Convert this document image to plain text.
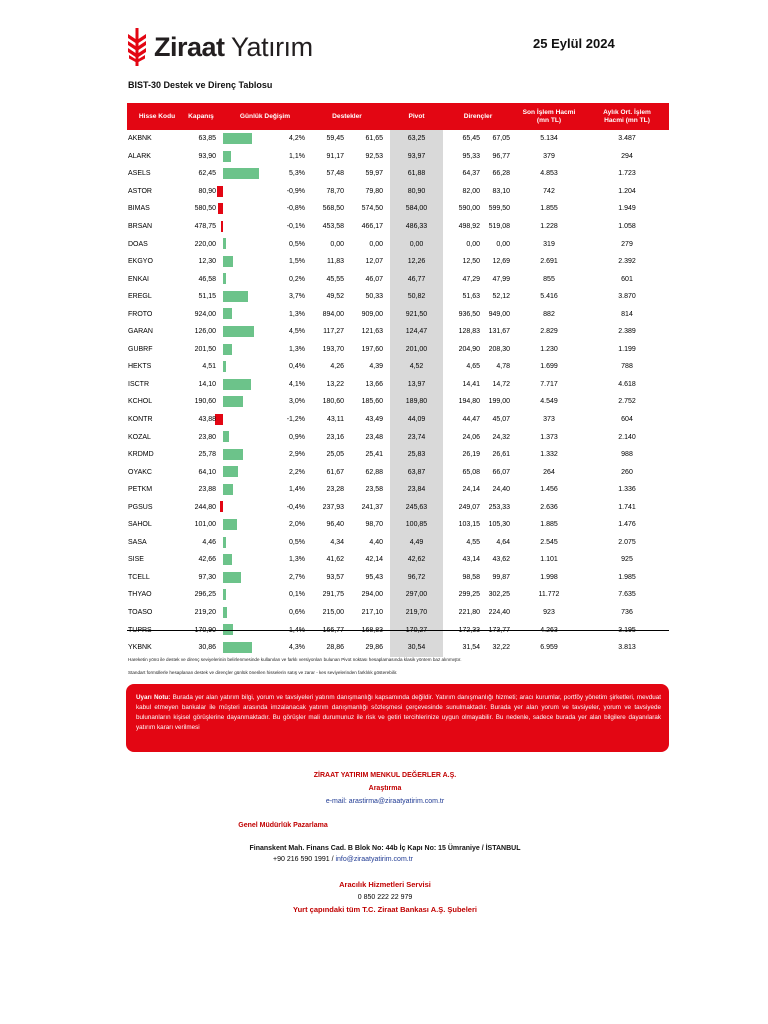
Ziraat Yatırım	25 Eylül 2024
BIST-30 Destek ve Direnç Tablosu
Hisse Kodu	Kapanış	Günlük Değişim	Destekler	Pivot	Dirençler
Son İşlem Hacmi
(mn TL)
Aylık Ort. İşlem
Hacmi (mn TL)
AKBNK	63,85	4,2%	59,45	61,65	63,25	65,45	67,05	5.134	3.487
ALARK	93,90	1,1%	91,17	92,53	93,97	95,33	96,77	379	294
ASELS	62,45	5,3%	57,48	59,97	61,88	64,37	66,28	4.853	1.723
ASTOR	80,90	-0,9%	78,70	79,80	80,90	82,00	83,10	742	1.204
BIMAS	580,50	-0,8%	568,50	574,50	584,00	590,00	599,50	1.855	1.949
BRSAN	478,75	-0,1%	453,58	466,17	486,33	498,92	519,08	1.228	1.058
DOAS	220,00	0,5%	0,00	0,00	0,00	0,00	0,00	319	279
EKGYO	12,30	1,5%	11,83	12,07	12,26	12,50	12,69	2.691	2.392
ENKAI	46,58	0,2%	45,55	46,07	46,77	47,29	47,99	855	601
EREGL	51,15	3,7%	49,52	50,33	50,82	51,63	52,12	5.416	3.870
FROTO	924,00	1,3%	894,00	909,00	921,50	936,50	949,00	882	814
GARAN	126,00	4,5%	117,27	121,63	124,47	128,83	131,67	2.829	2.389
GUBRF	201,50	1,3%	193,70	197,60	201,00	204,90	208,30	1.230	1.199
HEKTS	4,51	0,4%	4,26	4,39	4,52	4,65	4,78	1.699	788
ISCTR	14,10	4,1%	13,22	13,66	13,97	14,41	14,72	7.717	4.618
KCHOL	190,60	3,0%	180,60	185,60	189,80	194,80	199,00	4.549	2.752
KONTR	43,88	-1,2%	43,11	43,49	44,09	44,47	45,07	373	604
KOZAL	23,80	0,9%	23,16	23,48	23,74	24,06	24,32	1.373	2.140
KRDMD	25,78	2,9%	25,05	25,41	25,83	26,19	26,61	1.332	988
OYAKC	64,10	2,2%	61,67	62,88	63,87	65,08	66,07	264	260
PETKM	23,88	1,4%	23,28	23,58	23,84	24,14	24,40	1.456	1.336
PGSUS	244,80	-0,4%	237,93	241,37	245,63	249,07	253,33	2.636	1.741
SAHOL	101,00	2,0%	96,40	98,70	100,85	103,15	105,30	1.885	1.476
SASA	4,46	0,5%	4,34	4,40	4,49	4,55	4,64	2.545	2.075
SISE	42,66	1,3%	41,62	42,14	42,62	43,14	43,62	1.101	925
TCELL	97,30	2,7%	93,57	95,43	96,72	98,58	99,87	1.998	1.985
THYAO	296,25	0,1%	291,75	294,00	297,00	299,25	302,25	11.772	7.635
TOASO	219,20	0,6%	215,00	217,10	219,70	221,80	224,40	923	736
TUPRS	170,90	1,4%	166,77	168,83	170,27	172,33	173,77	4.263	3.195
YKBNK	30,86	4,3%	28,86	29,86	30,54	31,54	32,22	6.959	3.813
Hareketin yönü ile destek ve direnç seviyelerinin belirlenmesinde kullanılan ve farklı versiyonları bulunan Pivot noktası hesaplamasında klasik yöntem baz alınmıştır.
Standart formüllerle hesaplanan destek ve dirençler günlük önerilen hisselerin satış ve zarar - kes seviyelerinden farklılık gösterebilir.
Uyarı Notu: Burada yer alan yatırım bilgi, yorum ve tavsiyeleri yatırım danışmanlığı kapsamında değildir. Yatırım danışmanlığı hizmeti; aracı kurumlar, portföy yönetim şirketleri, mevduat kabul etmeyen bankalar ile müşteri arasında imzalanacak yatırım danışmanlığı sözleşmesi çerçevesinde sunulmaktadır. Burada yer alan yorum ve tavsiyeler, yorum ve tavsiyede bulunanların kişisel görüşlerine dayanmaktadır. Bu görüşler mali durumunuz ile risk ve getiri tercihlerinize uygun olmayabilir. Bu nedenle, sadece burada yer alan bilgilere dayanılarak yatırım kararı verilmesi
ZİRAAT YATIRIM MENKUL DEĞERLER A.Ş.
Araştırma
e-mail: arastirma@ziraatyatirim.com.tr
Genel Müdürlük Pazarlama
Finanskent Mah. Finans Cad. B Blok No: 44b İç Kapı No: 15 Ümraniye / İSTANBUL
+90 216 590 1991 / info@ziraatyatirim.com.tr
Aracılık Hizmetleri Servisi
0 850 222 22 979
Yurt çapındaki tüm T.C. Ziraat Bankası A.Ş. Şubeleri
